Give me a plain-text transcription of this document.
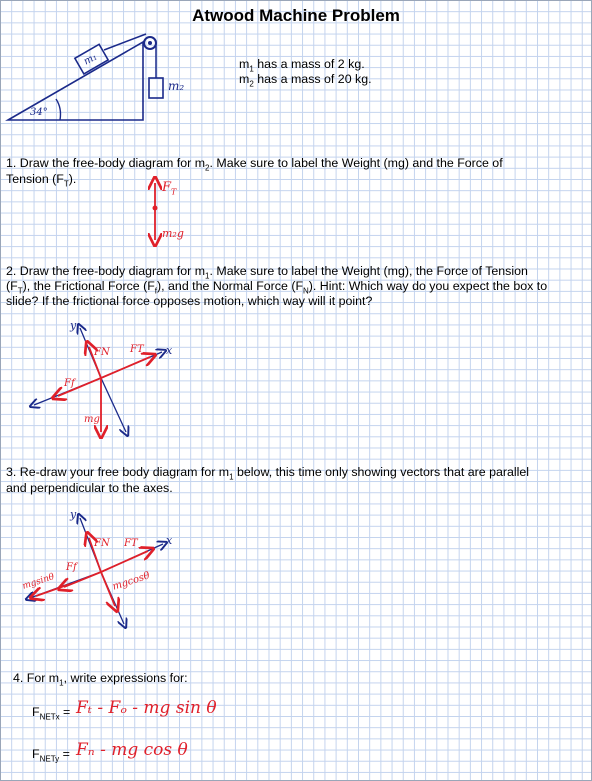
Atwood Machine Problem
34°
m₁
m₂
$m_1$ has a mass of 2 kg.
$m_2$ has a mass of 20 kg.
1. Draw the free-body diagram for $m_2$. Make sure to label the Weight (mg) and the Force of
Tension $(F_T)$.
$F_T$
m₂g
2. Draw the free-body diagram for $m_1$. Make sure to label the Weight (mg), the Force of Tension
$(F_T)$, the Frictional Force $(F_f)$, and the Normal Force $(F_N)$. Hint: Which way do you expect the box to
slide? If the frictional force opposes motion, which way will it point?
y
x
FN FT
Ff
mg
3. Re-draw your free body diagram for $m_1$ below, this time only showing vectors that are parallel
and perpendicular to the axes.
y
x
FN FT
Ff
mgsinθ	mgcosθ
4. For $m_1$, write expressions for:
$F_{NETx} = F_t - F_o$ - mg sin θ
$F_{NETy} = F_n$ - mg cos θ
